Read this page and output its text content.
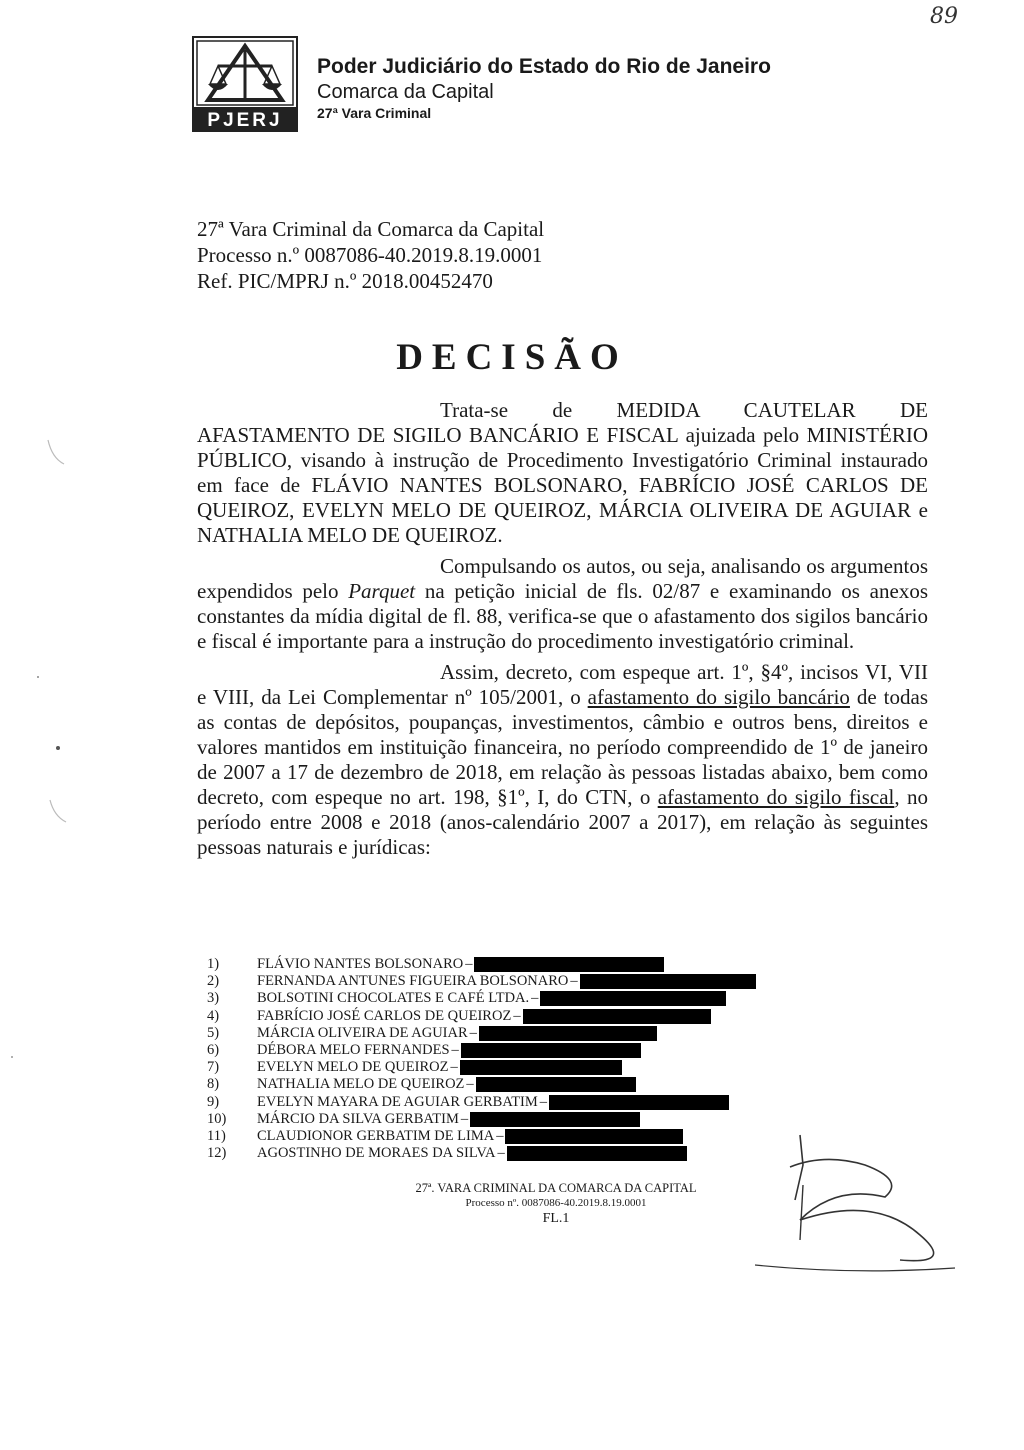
89
PJERJ
Poder Judiciário do Estado do Rio de Janeiro
Comarca da Capital
27ª Vara Criminal
27ª Vara Criminal da Comarca da Capital
Processo n.º 0087086-40.2019.8.19.0001
Ref. PIC/MPRJ n.º 2018.00452470
DECISÃO

Trata-se de MEDIDA CAUTELAR DE AFASTAMENTO DE SIGILO BANCÁRIO E FISCAL ajuizada pelo MINISTÉRIO PÚBLICO, visando à instrução de Procedimento Investigatório Criminal instaurado em face de FLÁVIO NANTES BOLSONARO, FABRÍCIO JOSÉ CARLOS DE QUEIROZ, EVELYN MELO DE QUEIROZ, MÁRCIA OLIVEIRA DE AGUIAR e NATHALIA MELO DE QUEIROZ.

Compulsando os autos, ou seja, analisando os argumentos expendidos pelo Parquet na petição inicial de fls. 02/87 e examinando os anexos constantes da mídia digital de fl. 88, verifica-se que o afastamento dos sigilos bancário e fiscal é importante para a instrução do procedimento investigatório criminal.

Assim, decreto, com espeque art. 1º, §4º, incisos VI, VII e VIII, da Lei Complementar nº 105/2001, o afastamento do sigilo bancário de todas as contas de depósitos, poupanças, investimentos, câmbio e outros bens, direitos e valores mantidos em instituição financeira, no período compreendido de 1º de janeiro de 2007 a 17 de dezembro de 2018, em relação às pessoas listadas abaixo, bem como decreto, com espeque no art. 198, §1º, I, do CTN, o afastamento do sigilo fiscal, no período entre 2008 e 2018 (anos-calendário 2007 a 2017), em relação às seguintes pessoas naturais e jurídicas:

1)	FLÁVIO NANTES BOLSONARO –
2)	FERNANDA ANTUNES FIGUEIRA BOLSONARO –
3)	BOLSOTINI CHOCOLATES E CAFÉ LTDA. –
4)	FABRÍCIO JOSÉ CARLOS DE QUEIROZ –
5)	MÁRCIA OLIVEIRA DE AGUIAR –
6)	DÉBORA MELO FERNANDES –
7)	EVELYN MELO DE QUEIROZ –
8)	NATHALIA MELO DE QUEIROZ –
9)	EVELYN MAYARA DE AGUIAR GERBATIM –
10)	MÁRCIO DA SILVA GERBATIM –
11)	CLAUDIONOR GERBATIM DE LIMA –
12)	AGOSTINHO DE MORAES DA SILVA –
27ª. VARA CRIMINAL DA COMARCA DA CAPITAL
Processo nº. 0087086-40.2019.8.19.0001
FL.1
